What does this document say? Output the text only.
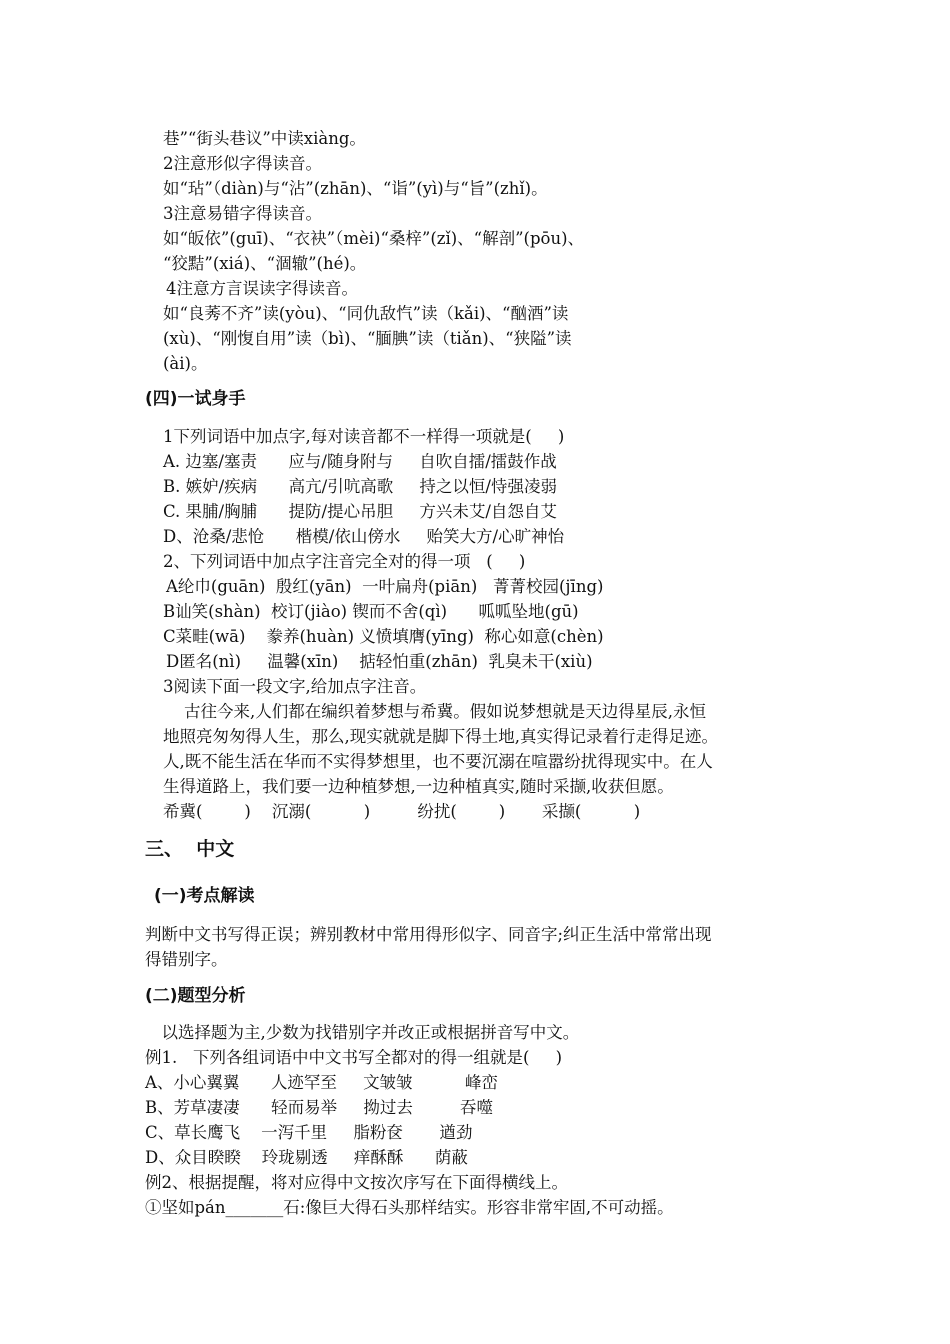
巷”“街头巷议”中读xiàng。
2注意形似字得读音。
如“玷”（diàn)与“沾”(zhān)、“诣”(yì)与“旨”(zhǐ)。
3注意易错字得读音。
如“皈依”(guī)、“衣袂”（mèi)“桑梓”(zǐ)、“解剖”(pōu)、
“狡黠”(xiá)、“涸辙”(hé)。
4注意方言误读字得读音。
如“良莠不齐”读(yòu)、“同仇敌忾”读（kǎi)、“酗酒”读
(xù)、“刚愎自用”读（bì)、“腼腆”读（tiǎn)、“狭隘”读
(ài)。
(四)一试身手
1下列词语中加点字,每对读音都不一样得一项就是(     )
A. 边塞/塞责      应与/随身附与     自吹自擂/擂鼓作战
B. 嫉妒/疾病      高亢/引吭高歌     持之以恒/恃强凌弱
C. 果脯/胸脯      提防/提心吊胆     方兴未艾/自怨自艾
D、沧桑/悲怆      楷模/依山傍水     贻笑大方/心旷神怡
2、下列词语中加点字注音完全对的得一项   (     )
A纶巾(guān)  殷红(yān)  一叶扁舟(piān)   菁菁校园(jīng)
B讪笑(shàn)  校订(jiào) 锲而不舍(qì)      呱呱坠地(gū)
C菜畦(wā)    豢养(huàn) 义愤填膺(yīng)  称心如意(chèn)
D匿名(nì)     温馨(xīn)    掂轻怕重(zhān)  乳臭未干(xiù)
3阅读下面一段文字,给加点字注音。
古往今来,人们都在编织着梦想与希冀。假如说梦想就是天边得星辰,永恒
地照亮匆匆得人生，那么,现实就就是脚下得土地,真实得记录着行走得足迹。
人,既不能生活在华而不实得梦想里，也不要沉溺在喧嚣纷扰得现实中。在人
生得道路上，我们要一边种植梦想,一边种植真实,随时采撷,收获但愿。
希冀(        )    沉溺(          )         纷扰(        )       采撷(          )
三、  中文
(一)考点解读
判断中文书写得正误；辨别教材中常用得形似字、同音字;纠正生活中常常出现
得错别字。
(二)题型分析
以选择题为主,少数为找错别字并改正或根据拼音写中文。
例1.   下列各组词语中中文书写全都对的得一组就是(     )
A、小心翼翼      人迹罕至     文皱皱          峰峦
B、芳草凄凄      轻而易举     拗过去         吞噬
C、草长鹰飞    一泻千里     脂粉奁       遒劲
D、众目睽睽    玲珑剔透     痒酥酥      荫蔽
例2、根据提醒，将对应得中文按次序写在下面得横线上。
①坚如pán_______石:像巨大得石头那样结实。形容非常牢固,不可动摇。
